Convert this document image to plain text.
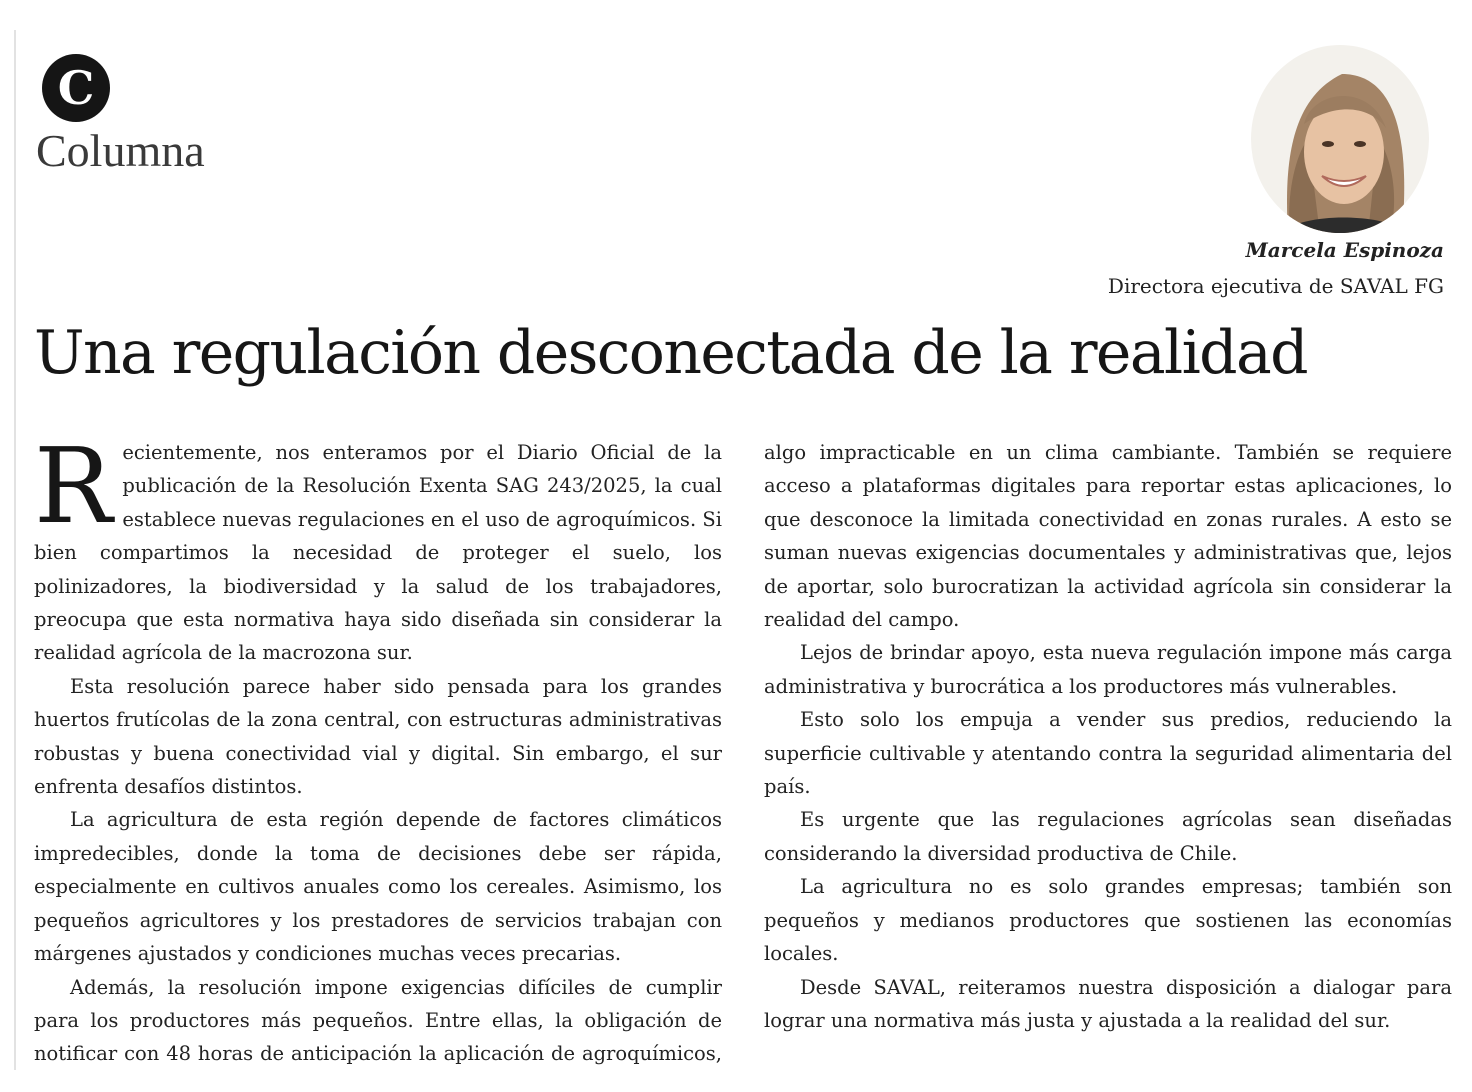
C
Columna
Marcela Espinoza
Directora ejecutiva de SAVAL FG
Una regulación desconectada de la realidad

Recientemente, nos enteramos por el Diario Oficial de la publicación de la Resolución Exenta SAG 243/2025, la cual establece nuevas regulaciones en el uso de agroquímicos. Si bien compartimos la necesidad de proteger el suelo, los polinizadores, la biodiversidad y la salud de los trabajadores, preocupa que esta normativa haya sido diseñada sin considerar la realidad agrícola de la macrozona sur.

Esta resolución parece haber sido pensada para los grandes huertos frutícolas de la zona central, con estructuras administrativas robustas y buena conectividad vial y digital. Sin embargo, el sur enfrenta desafíos distintos.

La agricultura de esta región depende de factores climáticos impredecibles, donde la toma de decisiones debe ser rápida, especialmente en cultivos anuales como los cereales. Asimismo, los pequeños agricultores y los prestadores de servicios trabajan con márgenes ajustados y condiciones muchas veces precarias.

Además, la resolución impone exigencias difíciles de cumplir para los productores más pequeños. Entre ellas, la obligación de notificar con 48 horas de anticipación la aplicación de agroquímicos, algo impracticable en un clima cambiante. También se requiere acceso a plataformas digitales para reportar estas aplicaciones, lo que desconoce la limitada conectividad en zonas rurales. A esto se suman nuevas exigencias documentales y administrativas que, lejos de aportar, solo burocratizan la actividad agrícola sin considerar la realidad del campo.

Lejos de brindar apoyo, esta nueva regulación impone más carga administrativa y burocrática a los productores más vulnerables.

Esto solo los empuja a vender sus predios, reduciendo la superficie cultivable y atentando contra la seguridad alimentaria del país.

Es urgente que las regulaciones agrícolas sean diseñadas considerando la diversidad productiva de Chile.

La agricultura no es solo grandes empresas; también son pequeños y medianos productores que sostienen las economías locales.

Desde SAVAL, reiteramos nuestra disposición a dialogar para lograr una normativa más justa y ajustada a la realidad del sur.
